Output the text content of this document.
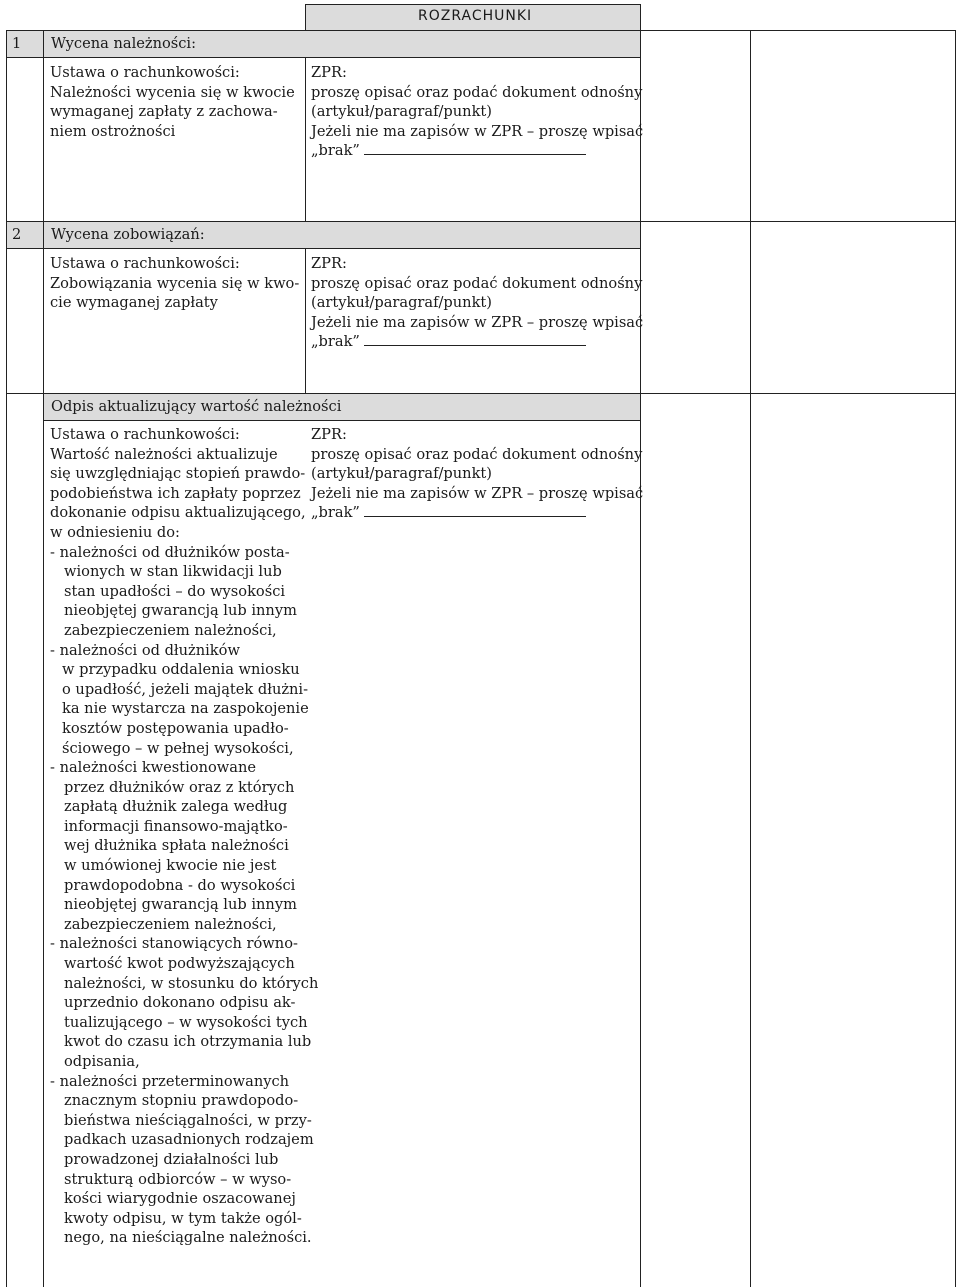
ROZRACHUNKI
1 Wycena należności:
Ustawa o rachunkowości:
Należności wycenia się w kwocie
wymaganej zapłaty z zachowa-
niem ostrożności
ZPR:
proszę opisać oraz podać dokument odnośny
(artykuł/paragraf/punkt)
Jeżeli nie ma zapisów w ZPR – proszę wpisać
„brak”
2 Wycena zobowiązań:
Ustawa o rachunkowości:
Zobowiązania wycenia się w kwo-
cie wymaganej zapłaty
ZPR:
proszę opisać oraz podać dokument odnośny
(artykuł/paragraf/punkt)
Jeżeli nie ma zapisów w ZPR – proszę wpisać
„brak”
Odpis aktualizujący wartość należności
Ustawa o rachunkowości:
Wartość należności aktualizuje
się uwzględniając stopień prawdo-
podobieństwa ich zapłaty poprzez
dokonanie odpisu aktualizującego,
w odniesieniu do:
- należności od dłużników posta-
wionych w stan likwidacji lub
stan upadłości – do wysokości
nieobjętej gwarancją lub innym
zabezpieczeniem należności,
- należności od dłużników
w przypadku oddalenia wniosku
o upadłość, jeżeli majątek dłużni-
ka nie wystarcza na zaspokojenie
kosztów postępowania upadło-
ściowego – w pełnej wysokości,
- należności kwestionowane
przez dłużników oraz z których
zapłatą dłużnik zalega według
informacji finansowo-majątko-
wej dłużnika spłata należności
w umówionej kwocie nie jest
prawdopodobna - do wysokości
nieobjętej gwarancją lub innym
zabezpieczeniem należności,
- należności stanowiących równo-
wartość kwot podwyższających
należności, w stosunku do których
uprzednio dokonano odpisu ak-
tualizującego – w wysokości tych
kwot do czasu ich otrzymania lub
odpisania,
- należności przeterminowanych
znacznym stopniu prawdopodo-
bieństwa nieściągalności, w przy-
padkach uzasadnionych rodzajem
prowadzonej działalności lub
strukturą odbiorców – w wyso-
kości wiarygodnie oszacowanej
kwoty odpisu, w tym także ogól-
nego, na nieściągalne należności.
ZPR:
proszę opisać oraz podać dokument odnośny
(artykuł/paragraf/punkt)
Jeżeli nie ma zapisów w ZPR – proszę wpisać
„brak”
